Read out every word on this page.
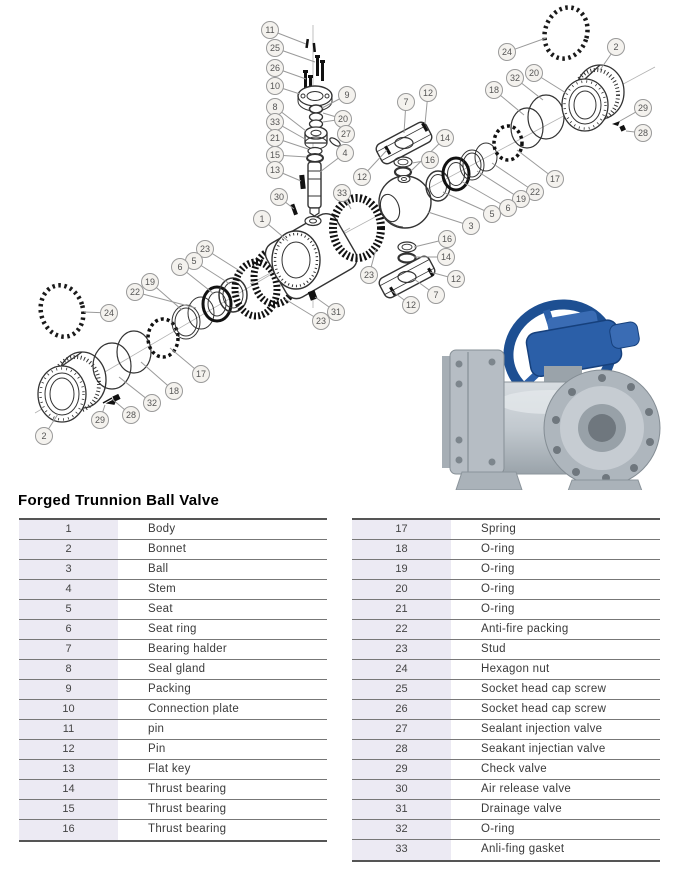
11
25
26
10
8
33
21
15
13
9
20
27
4
12
7
12
14
16
24	2
20
32
18
29
28
17
22
19
6
5
3
16
14
12
7
12
30	33
1
23
31
23
23
5
6
19
22
24
17
18
32
28
29
2
Forged Trunnion Ball Valve
1	Body
2	Bonnet
3	Ball
4	Stem
5	Seat
6	Seat ring
7	Bearing halder
8	Seal gland
9	Packing
10	Connection plate
11	pin
12	Pin
13	Flat key
14	Thrust bearing
15	Thrust bearing
16	Thrust bearing
17	Spring
18	O-ring
19	O-ring
20	O-ring
21	O-ring
22	Anti-fire packing
23	Stud
24	Hexagon nut
25	Socket head cap screw
26	Socket head cap screw
27	Sealant injection valve
28	Seakant injectian valve
29	Check valve
30	Air release valve
31	Drainage valve
32	O-ring
33	Anli-fing gasket
